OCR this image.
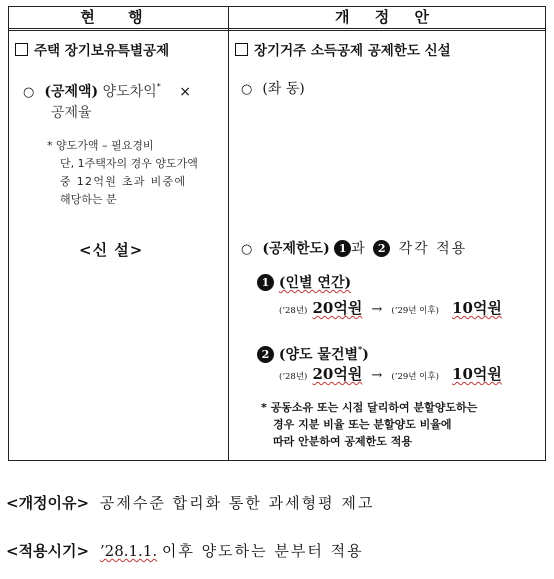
현 행	개 정 안
주택 장기보유특별공제
○ (공제액) 양도차익* ×
공제율
* 양도가액 – 필요경비
단, 1주택자의 경우 양도가액
중 12억원 초과 비중에
해당하는 분
<신 설>
장기거주 소득공제 공제한도 신설
○ (좌 동)
○ (공제한도) 1 과 2 각각 적용
1 (인별 연간)
(’28년) 20억원 → (’29년 이후) 10억원
2 (양도 물건별*)
(’28년) 20억원 → (’29년 이후) 10억원
* 공동소유 또는 시점 달리하여 분할양도하는
경우 지분 비율 또는 분할양도 비율에
따라 안분하여 공제한도 적용
<개정이유> 공제수준 합리화 통한 과세형평 제고
<적용시기> ’28.1.1. 이후 양도하는 분부터 적용
